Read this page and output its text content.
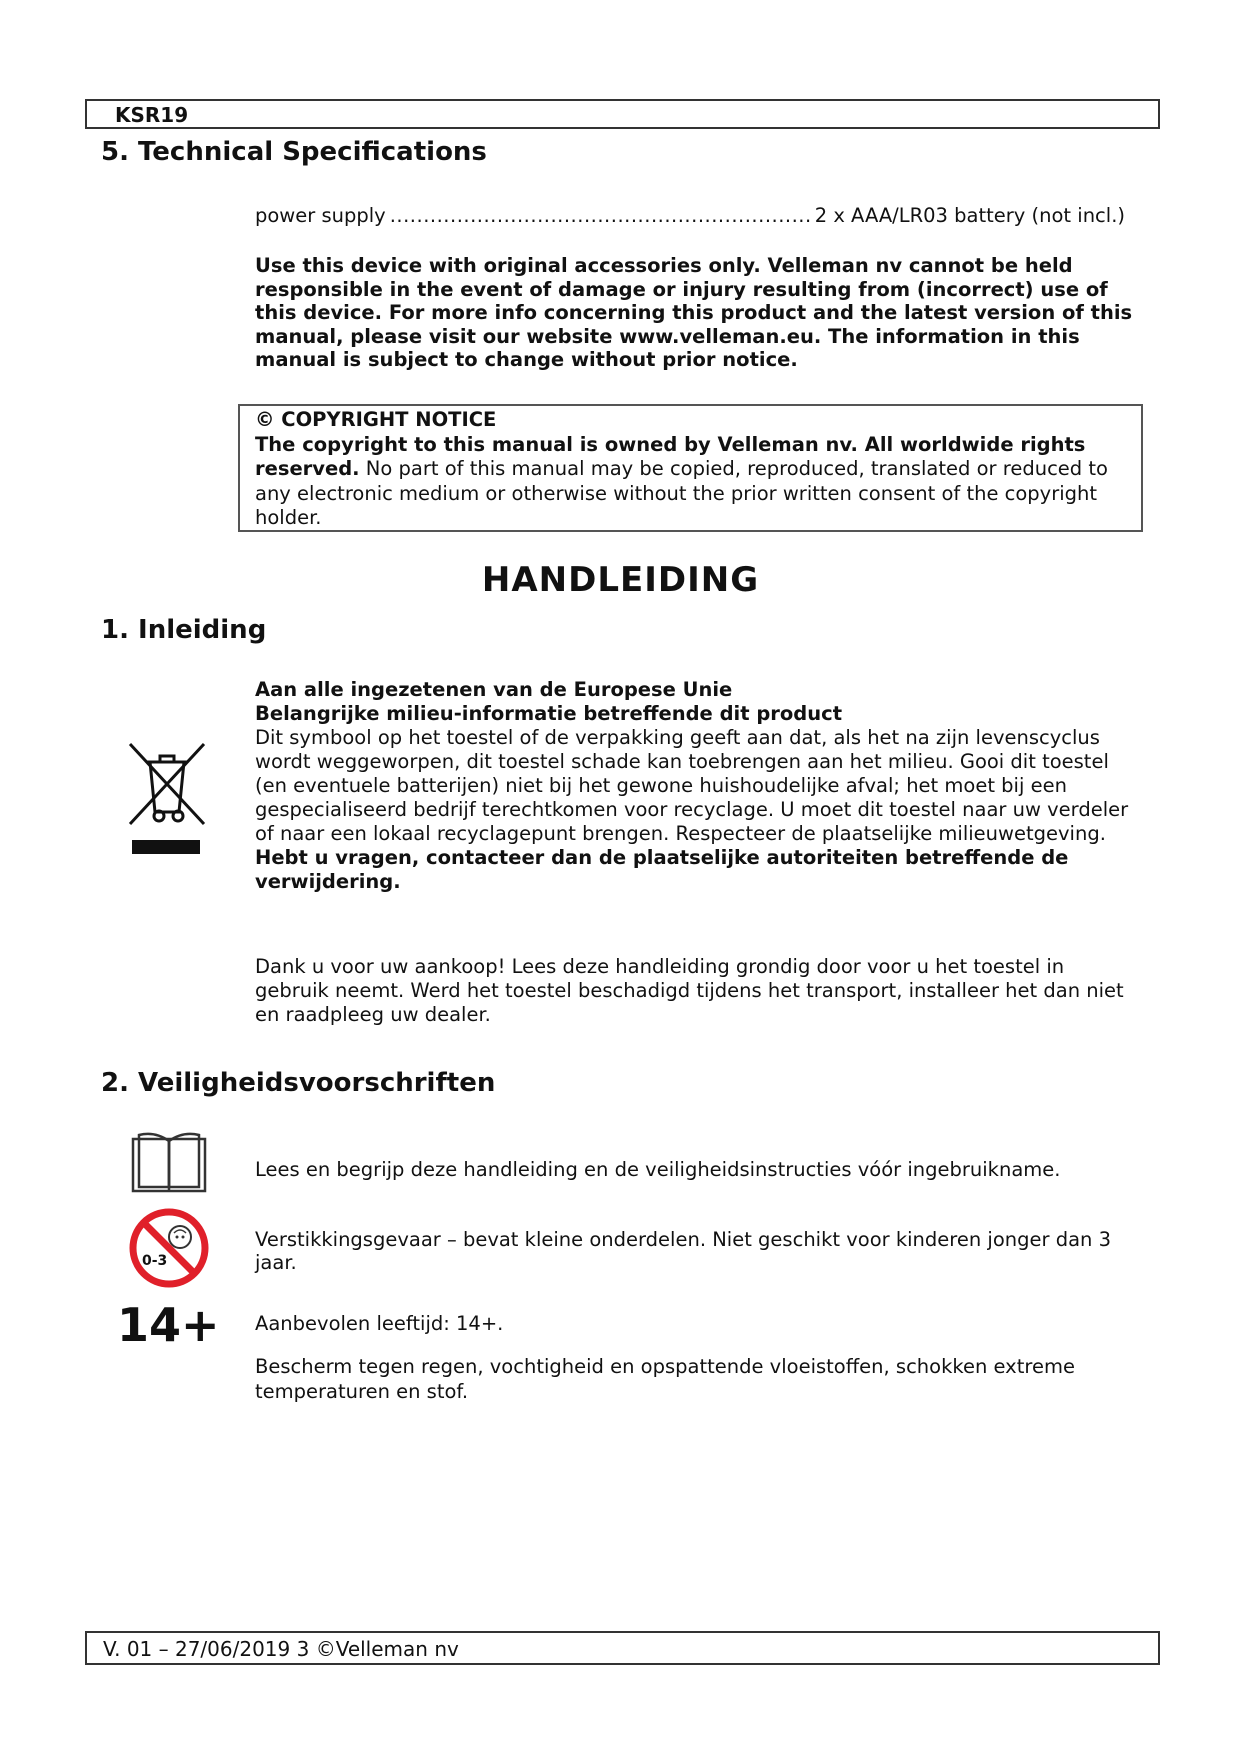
KSR19
5. Technical Specifications
power supply .....	2 x AAA/LR03 battery (not incl.)
Use this device with original accessories only. Velleman nv cannot be held responsible in the event of damage or injury resulting from (incorrect) use of this device. For more info concerning this product and the latest version of this manual, please visit our website www.velleman.eu. The information in this manual is subject to change without prior notice.
© COPYRIGHT NOTICE
The copyright to this manual is owned by Velleman nv. All worldwide rights reserved. No part of this manual may be copied, reproduced, translated or reduced to any electronic medium or otherwise without the prior written consent of the copyright holder.
HANDLEIDING
1. Inleiding
Aan alle ingezetenen van de Europese Unie
Belangrijke milieu-informatie betreffende dit product
Dit symbool op het toestel of de verpakking geeft aan dat, als het na zijn levenscyclus wordt weggeworpen, dit toestel schade kan toebrengen aan het milieu. Gooi dit toestel (en eventuele batterijen) niet bij het gewone huishoudelijke afval; het moet bij een gespecialiseerd bedrijf terechtkomen voor recyclage. U moet dit toestel naar uw verdeler of naar een lokaal recyclagepunt brengen. Respecteer de plaatselijke milieuwetgeving.
Hebt u vragen, contacteer dan de plaatselijke autoriteiten betreffende de verwijdering.
Dank u voor uw aankoop! Lees deze handleiding grondig door voor u het toestel in gebruik neemt. Werd het toestel beschadigd tijdens het transport, installeer het dan niet en raadpleeg uw dealer.
2. Veiligheidsvoorschriften
Lees en begrijp deze handleiding en de veiligheidsinstructies vóór ingebruikname.
0-3
Verstikkingsgevaar – bevat kleine onderdelen. Niet geschikt voor kinderen jonger dan 3 jaar.
14+ Aanbevolen leeftijd: 14+.
Bescherm tegen regen, vochtigheid en opspattende vloeistoffen, schokken extreme temperaturen en stof.
V. 01 – 27/06/2019 3 ©Velleman nv
